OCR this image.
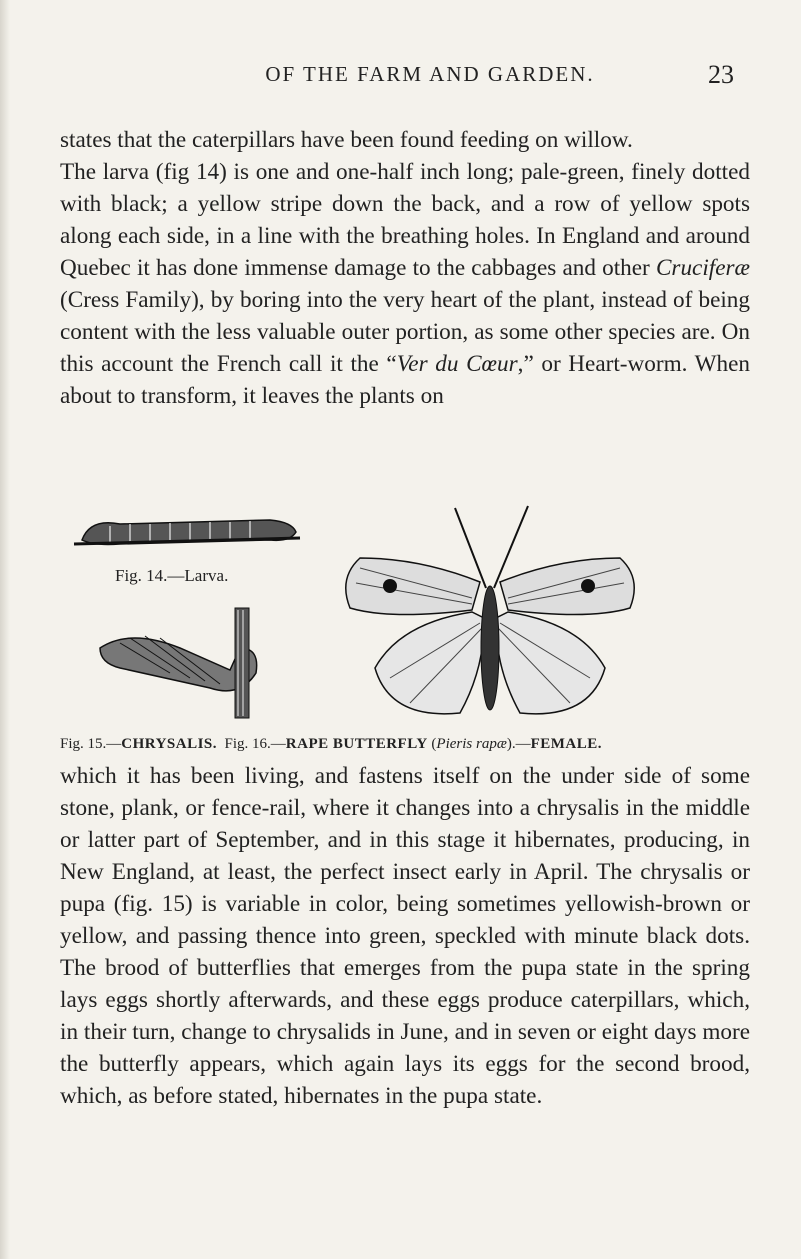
OF THE FARM AND GARDEN.	23

states that the caterpillars have been found feeding on willow.

The larva (fig 14) is one and one-half inch long; pale-green, finely dotted with black; a yellow stripe down the back, and a row of yellow spots along each side, in a line with the breathing holes. In England and around Quebec it has done immense damage to the cabbages and other Cruciferæ (Cress Family), by boring into the very heart of the plant, instead of being content with the less valuable outer portion, as some other species are. On this account the French call it the “Ver du Cœur,” or Heart-worm. When about to transform, it leaves the plants on

Fig. 14.—Larva.
Fig. 15.—CHRYSALIS. Fig. 16.—RAPE BUTTERFLY (Pieris rapæ).—FEMALE.

which it has been living, and fastens itself on the under side of some stone, plank, or fence-rail, where it changes into a chrysalis in the middle or latter part of September, and in this stage it hibernates, producing, in New England, at least, the perfect insect early in April. The chrysalis or pupa (fig. 15) is variable in color, being sometimes yellowish-brown or yellow, and passing thence into green, speckled with minute black dots. The brood of butterflies that emerges from the pupa state in the spring lays eggs shortly afterwards, and these eggs produce caterpillars, which, in their turn, change to chrysalids in June, and in seven or eight days more the butterfly appears, which again lays its eggs for the second brood, which, as before stated, hibernates in the pupa state.
